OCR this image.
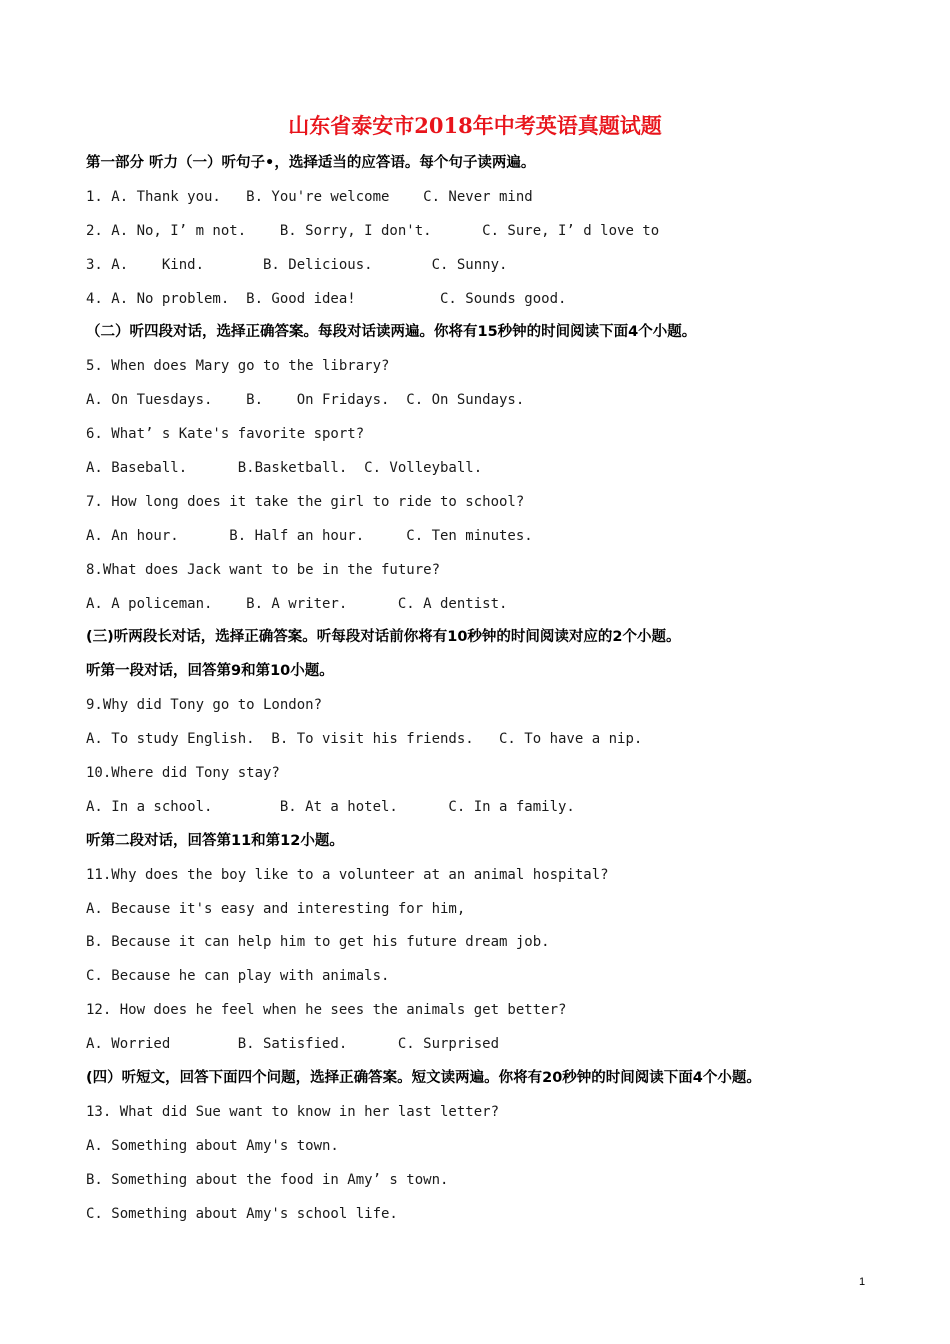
山东省泰安市2018年中考英语真题试题
第一部分 听力（一）听句子•，选择适当的应答语。每个句子读两遍。
1. A. Thank you.   B. You're welcome    C. Never mind
2. A. No, I’ m not.    B. Sorry, I don't.      C. Sure, I’ d love to
3. A.    Kind.       B. Delicious.       C. Sunny.
4. A. No problem.  B. Good idea!          C. Sounds good.
（二）听四段对话，选择正确答案。每段对话读两遍。你将有15秒钟的时间阅读下面4个小题。
5. When does Mary go to the library?
A. On Tuesdays.    B.    On Fridays.  C. On Sundays.
6. What’ s Kate's favorite sport?
A. Baseball.      B.Basketball.  C. Volleyball.
7. How long does it take the girl to ride to school?
A. An hour.      B. Half an hour.     C. Ten minutes.
8.What does Jack want to be in the future?
A. A policeman.    B. A writer.      C. A dentist.
(三)听两段长对话，选择正确答案。听每段对话前你将有10秒钟的时间阅读对应的2个小题。
听第一段对话，回答第9和第10小题。
9.Why did Tony go to London?
A. To study English.  B. To visit his friends.   C. To have a nip.
10.Where did Tony stay?
A. In a school.        B. At a hotel.      C. In a family.
听第二段对话，回答第11和第12小题。
11.Why does the boy like to a volunteer at an animal hospital?
A. Because it's easy and interesting for him,
B. Because it can help him to get his future dream job.
C. Because he can play with animals.
12. How does he feel when he sees the animals get better?
A. Worried        B. Satisfied.      C. Surprised
(四）听短文，回答下面四个问题，选择正确答案。短文读两遍。你将有20秒钟的时间阅读下面4个小题。
13. What did Sue want to know in her last letter?
A. Something about Amy's town.
B. Something about the food in Amy’ s town.
C. Something about Amy's school life.
1
